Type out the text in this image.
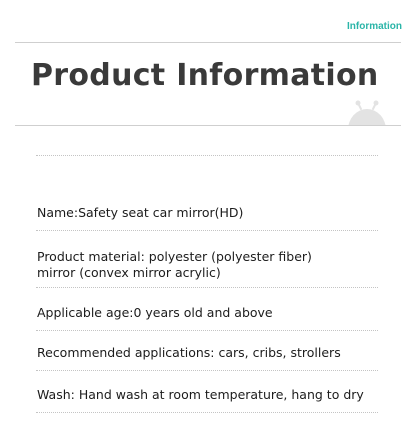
Information
Product Information
Name:Safety seat car mirror(HD)
Product material: polyester (polyester fiber)
mirror (convex mirror acrylic)
Applicable age:0 years old and above
Recommended applications: cars, cribs, strollers
Wash: Hand wash at room temperature, hang to dry
